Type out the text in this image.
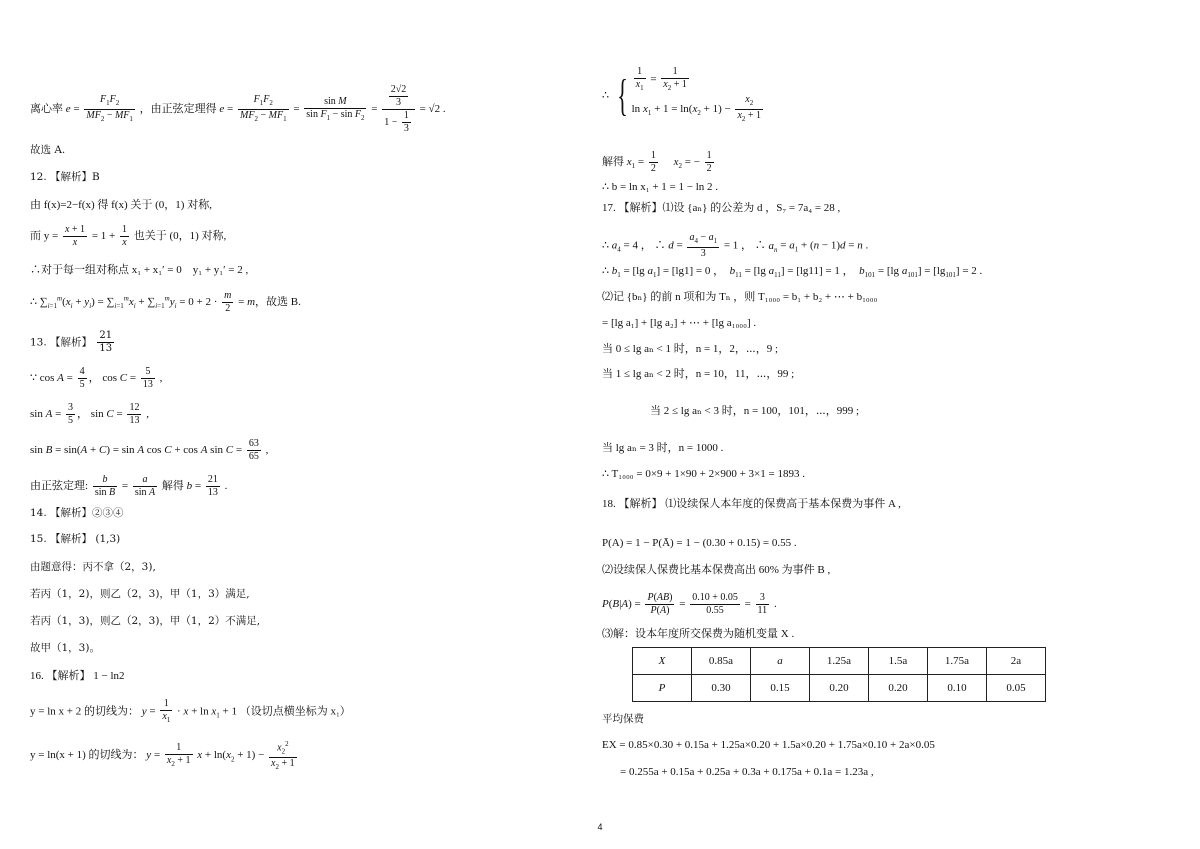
离心率 $e = \frac{F_1F_2}{MF_2 - MF_1}$ ，由正弦定理得 $e = \frac{F_1F_2}{MF_2 - MF_1} = \frac{\text{sin M}}{\sin F_1 - \sin F_2} = \frac{\frac{2√2}{3}}{1 - \frac{1}{3}} = √2$ .
故选 A.
12. 【解析】B
由 f(x)=2−f(x) 得 f(x) 关于 (0，1) 对称,
而 $y = \frac{x + 1}{x} = 1 + \frac{1}{x}$ 也关于 (0，1) 对称,
∴对于每一组对称点 x₁ + x₁′ = 0　y₁ + y₁′ = 2 ,
∴ $\sum_{i=1}^m(x_i + y_i) = \sum_{i=1}^mx_i + \sum_{i=1}^my_i = 0 + 2 \cdot \frac{m}{2} = m$，故选 B.
13. 【解析】 $\frac{21}{13}$
∵ $\cos A = \frac{4}{5}$ ， $\cos C = \frac{5}{13}$ ,
$\sin A = \frac{3}{5}$ ， $\sin C = \frac{12}{13}$ ,
sin B = sin(A + C) = sin A cos C + cos A $\sin C = \frac{63}{65}$ ,
由正弦定理: $\frac{b}{\text{sin B}} = \frac{a}{\text{sin A}}$ 解得 $b = \frac{21}{13}$ .
14. 【解析】②③④
15. 【解析】 (1,3)
由题意得：丙不拿（2，3),
若丙（1，2)，则乙（2，3)，甲（1，3）满足,
若丙（1，3)，则乙（2，3)，甲（1，2）不满足,
故甲（1，3)。
16. 【解析】 1 − ln2
y = ln x + 2 的切线为： $y = \frac{1}{x_1} \cdot x + \ln x_1 + 1$ （设切点横坐标为 x₁）
y = ln(x + 1) 的切线为： $y = \frac{1}{x_2 + 1}$ $x + \ln(x_2 + 1) - \frac{x_2^2}{x_2 + 1}$
∴ { $\frac{1}{x_1} = \frac{1}{x_2 + 1}$
$\ln x_1 + 1 = \ln(x_2 + 1) - \frac{x_2}{x_2 + 1}$
解得 $x_1 = \frac{1}{2}$
　 $x_2$ = − $\frac{1}{2}$
∴ b = ln x₁ + 1 = 1 − ln 2 .
17. 【解析】⑴设 {aₙ} 的公差为 d ，S₇ = 7a₄ = 28 ,
∴ $a_4 = 4$ ， ∴ $d = \frac{a_4 - a_1}{3} = 1$ ， ∴ $a_n = a_1 + (n - 1)d = n$ .
∴ $b_1 = [\lg$ $a_1] = [\lg 1] = 0$ ，　$b_{11} = [\lg$ $a_{11}] = [\lg 11] = 1$ ，　$b_{101} = [\lg$ $a_{101}] = [\lg_{101}] = 2$ .
⑵记 {bₙ} 的前 n 项和为 Tₙ ，则 T₁₀₀₀ = b₁ + b₂ + ⋯ + b₁₀₀₀
= [lg a₁] + [lg a₂] + ⋯ + [lg a₁₀₀₀] .
当 0 ≤ lg aₙ < 1 时，n = 1，2，⋯，9 ;
当 1 ≤ lg aₙ < 2 时，n = 10，11，⋯，99 ;
当 2 ≤ lg aₙ < 3 时，n = 100，101，⋯，999 ;
当 lg aₙ = 3 时，n = 1000 .
∴ T₁₀₀₀ = 0×9 + 1×90 + 2×900 + 3×1 = 1893 .
18. 【解析】 ⑴设续保人本年度的保费高于基本保费为事件 A ,
P(A) = 1 − P(Ā) = 1 − (0.30 + 0.15) = 0.55 .
⑵设续保人保费比基本保费高出 60% 为事件 B ,
$P(B|A) = \frac{P(AB)}{P(A)} = \frac{0.10 + 0.05}{0.55} = \frac{3}{11}$ .
⑶解：设本年度所交保费为随机变量 X .
X	0.85a	a	1.25a	1.5a	1.75a	2a
P	0.30	0.15	0.20	0.20	0.10	0.05
平均保费
EX = 0.85×0.30 + 0.15a + 1.25a×0.20 + 1.5a×0.20 + 1.75a×0.10 + 2a×0.05
= 0.255a + 0.15a + 0.25a + 0.3a + 0.175a + 0.1a = 1.23a ,
4
